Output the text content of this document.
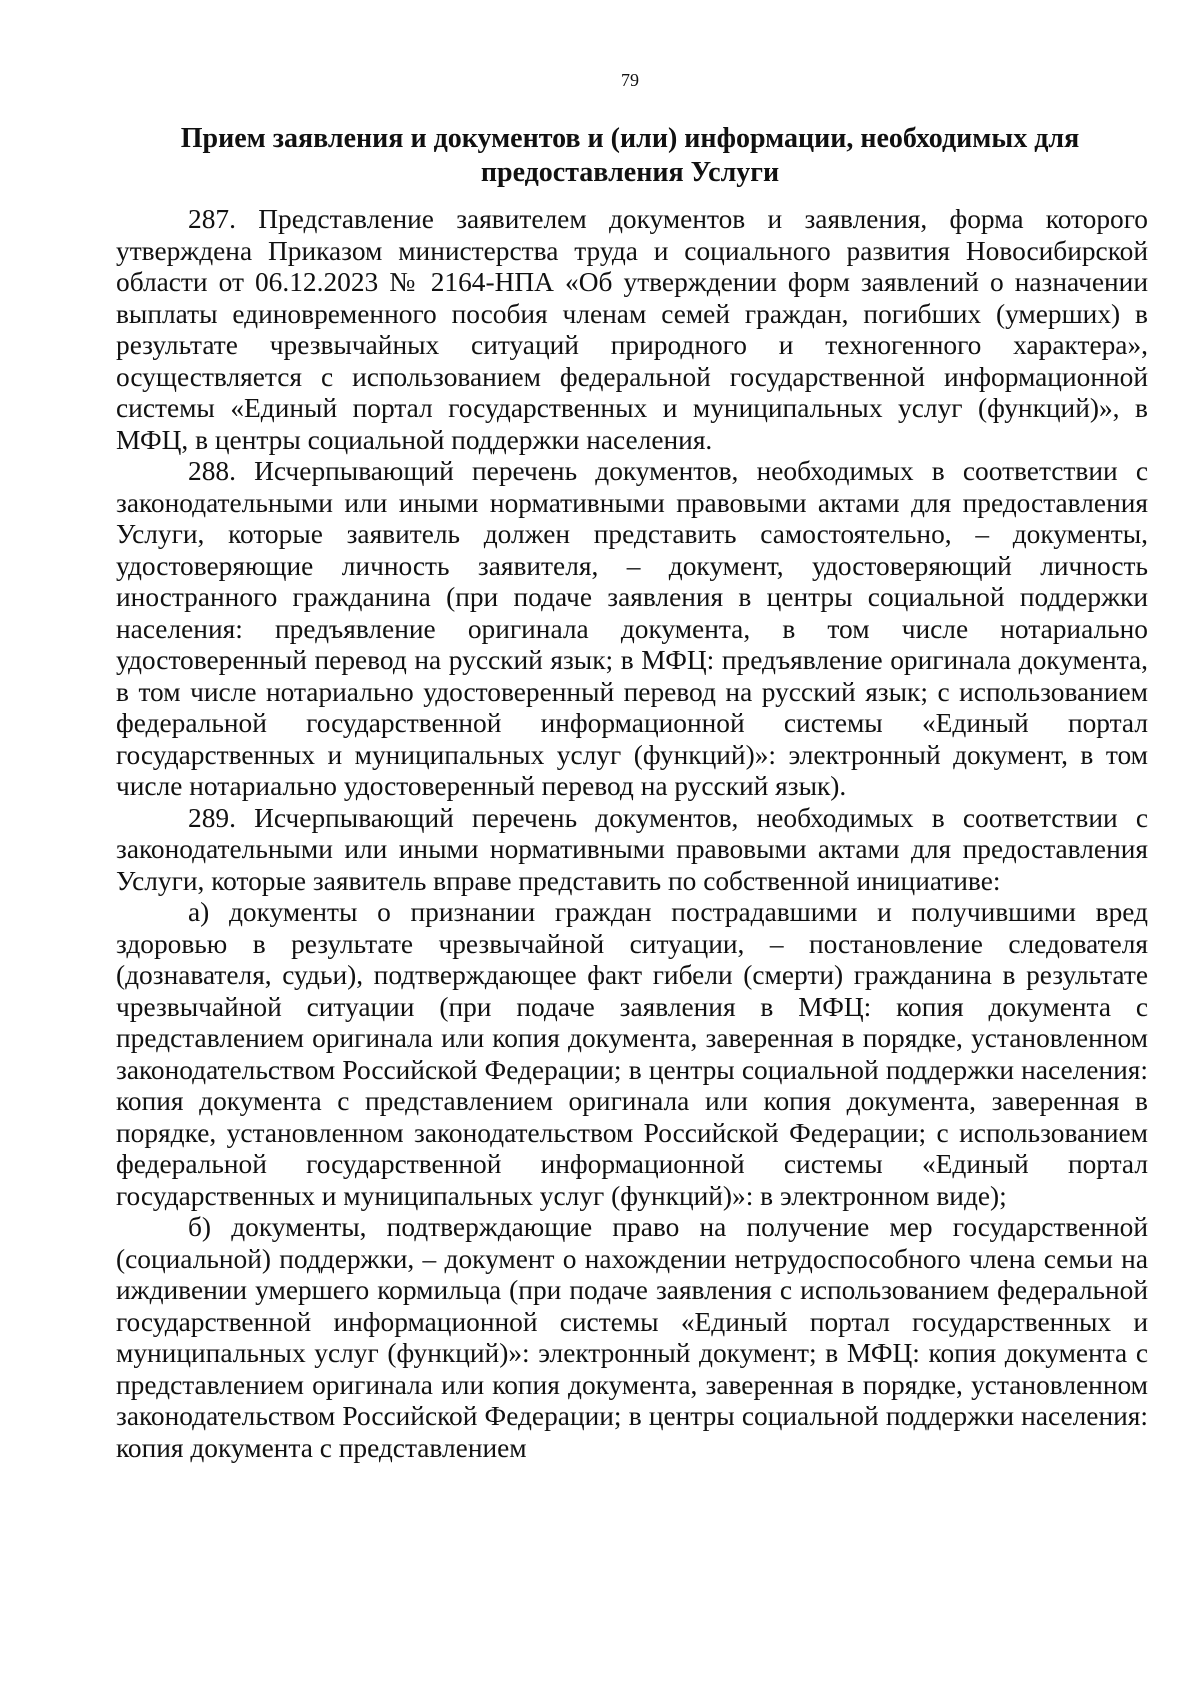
79
Прием заявления и документов и (или) информации, необходимых для предоставления Услуги

287. Представление заявителем документов и заявления, форма которого утверждена Приказом министерства труда и социального развития Новосибирской области от 06.12.2023 № 2164-НПА «Об утверждении форм заявлений о назначении выплаты единовременного пособия членам семей граждан, погибших (умерших) в результате чрезвычайных ситуаций природного и техногенного характера», осуществляется с использованием федеральной государственной информационной системы «Единый портал государственных и муниципальных услуг (функций)», в МФЦ, в центры социальной поддержки населения.

288. Исчерпывающий перечень документов, необходимых в соответствии с законодательными или иными нормативными правовыми актами для предоставления Услуги, которые заявитель должен представить самостоятельно, – документы, удостоверяющие личность заявителя, – документ, удостоверяющий личность иностранного гражданина (при подаче заявления в центры социальной поддержки населения: предъявление оригинала документа, в том числе нотариально удостоверенный перевод на русский язык; в МФЦ: предъявление оригинала документа, в том числе нотариально удостоверенный перевод на русский язык; с использованием федеральной государственной информационной системы «Единый портал государственных и муниципальных услуг (функций)»: электронный документ, в том числе нотариально удостоверенный перевод на русский язык).

289. Исчерпывающий перечень документов, необходимых в соответствии с законодательными или иными нормативными правовыми актами для предоставления Услуги, которые заявитель вправе представить по собственной инициативе:

а) документы о признании граждан пострадавшими и получившими вред здоровью в результате чрезвычайной ситуации, – постановление следователя (дознавателя, судьи), подтверждающее факт гибели (смерти) гражданина в результате чрезвычайной ситуации (при подаче заявления в МФЦ: копия документа с представлением оригинала или копия документа, заверенная в порядке, установленном законодательством Российской Федерации; в центры социальной поддержки населения: копия документа с представлением оригинала или копия документа, заверенная в порядке, установленном законодательством Российской Федерации; с использованием федеральной государственной информационной системы «Единый портал государственных и муниципальных услуг (функций)»: в электронном виде);

б) документы, подтверждающие право на получение мер государственной (социальной) поддержки, – документ о нахождении нетрудоспособного члена семьи на иждивении умершего кормильца (при подаче заявления с использованием федеральной государственной информационной системы «Единый портал государственных и муниципальных услуг (функций)»: электронный документ; в МФЦ: копия документа с представлением оригинала или копия документа, заверенная в порядке, установленном законодательством Российской Федерации; в центры социальной поддержки населения: копия документа с представлением
